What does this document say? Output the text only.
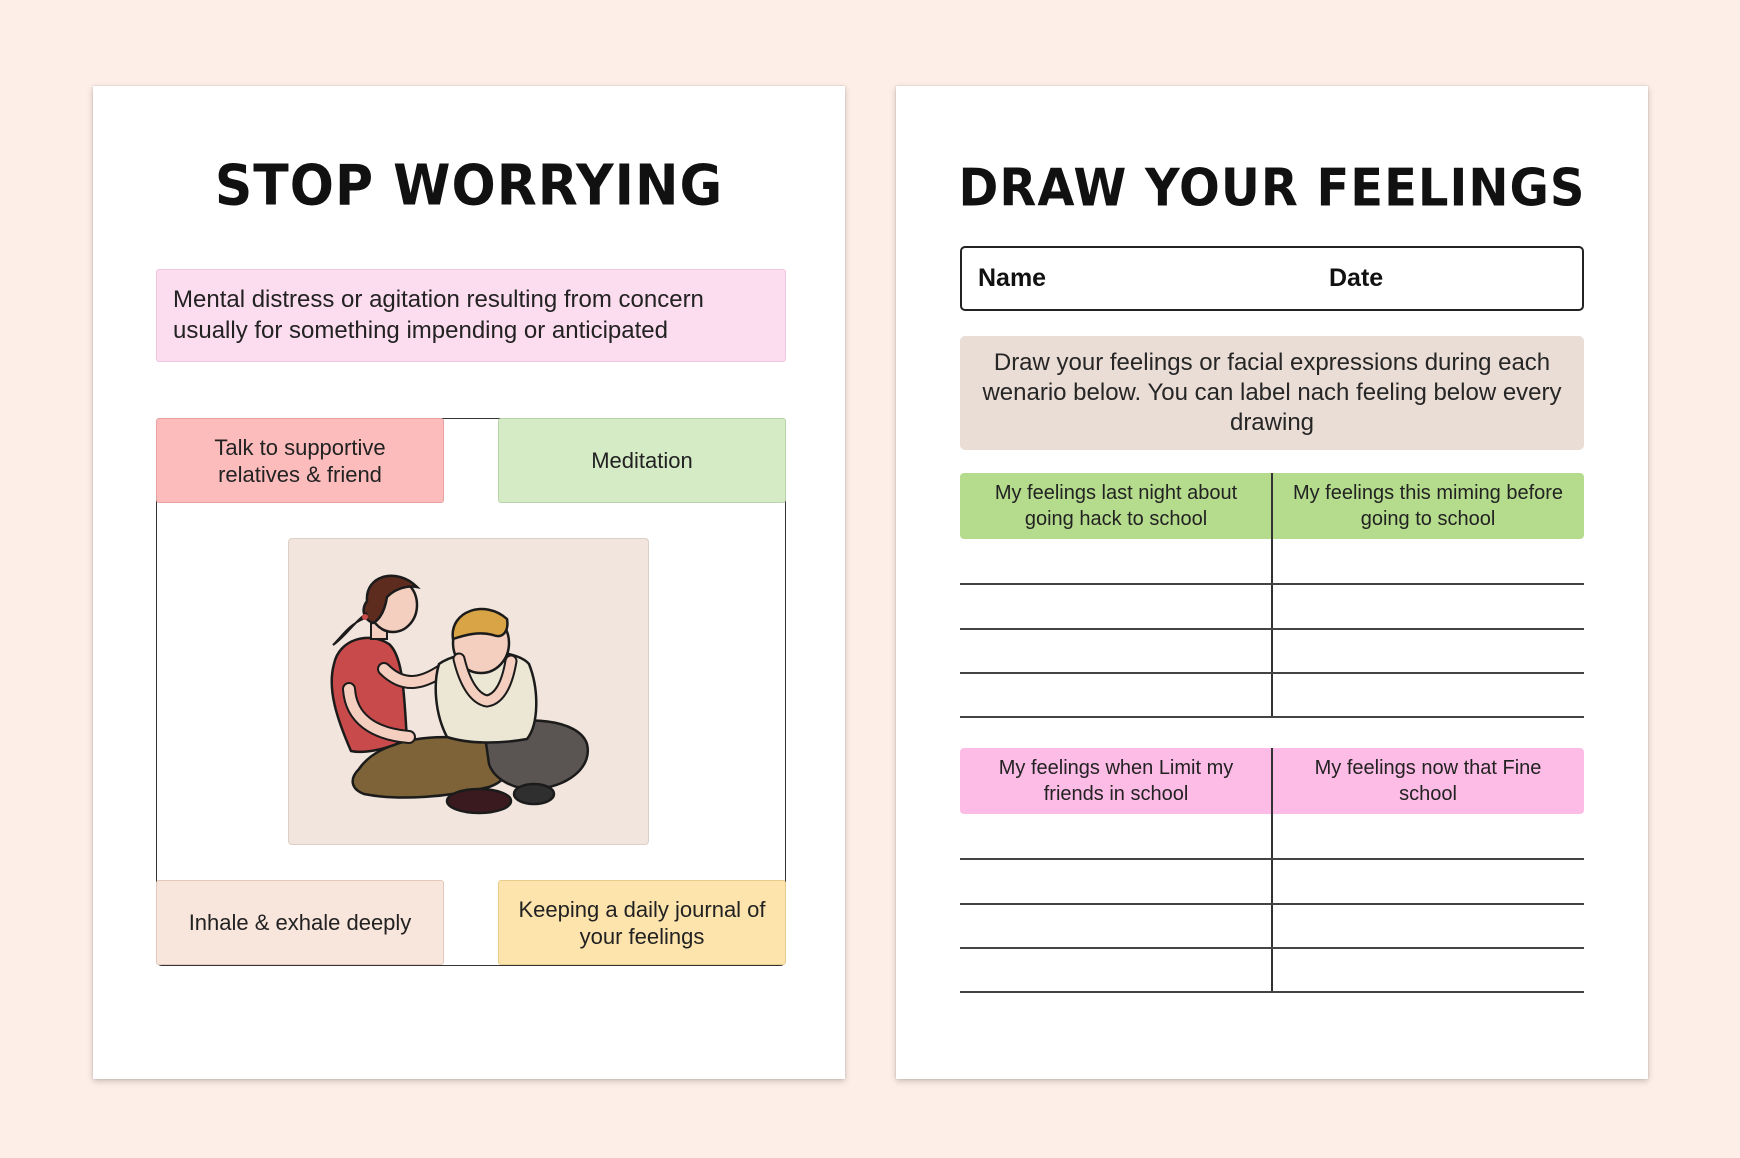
STOP WORRYING
Mental distress or agitation resulting from concern usually for something impending or anticipated
Talk to supportive relatives & friend
Meditation
Inhale & exhale deeply
Keeping a daily journal of your feelings
DRAW YOUR FEELINGS
Name	Date
Draw your feelings or facial expressions during each wenario below. You can label nach feeling below every drawing
My feelings last night about going hack to school
My feelings this miming before going to school
My feelings when Limit my friends in school
My feelings now that Fine school
